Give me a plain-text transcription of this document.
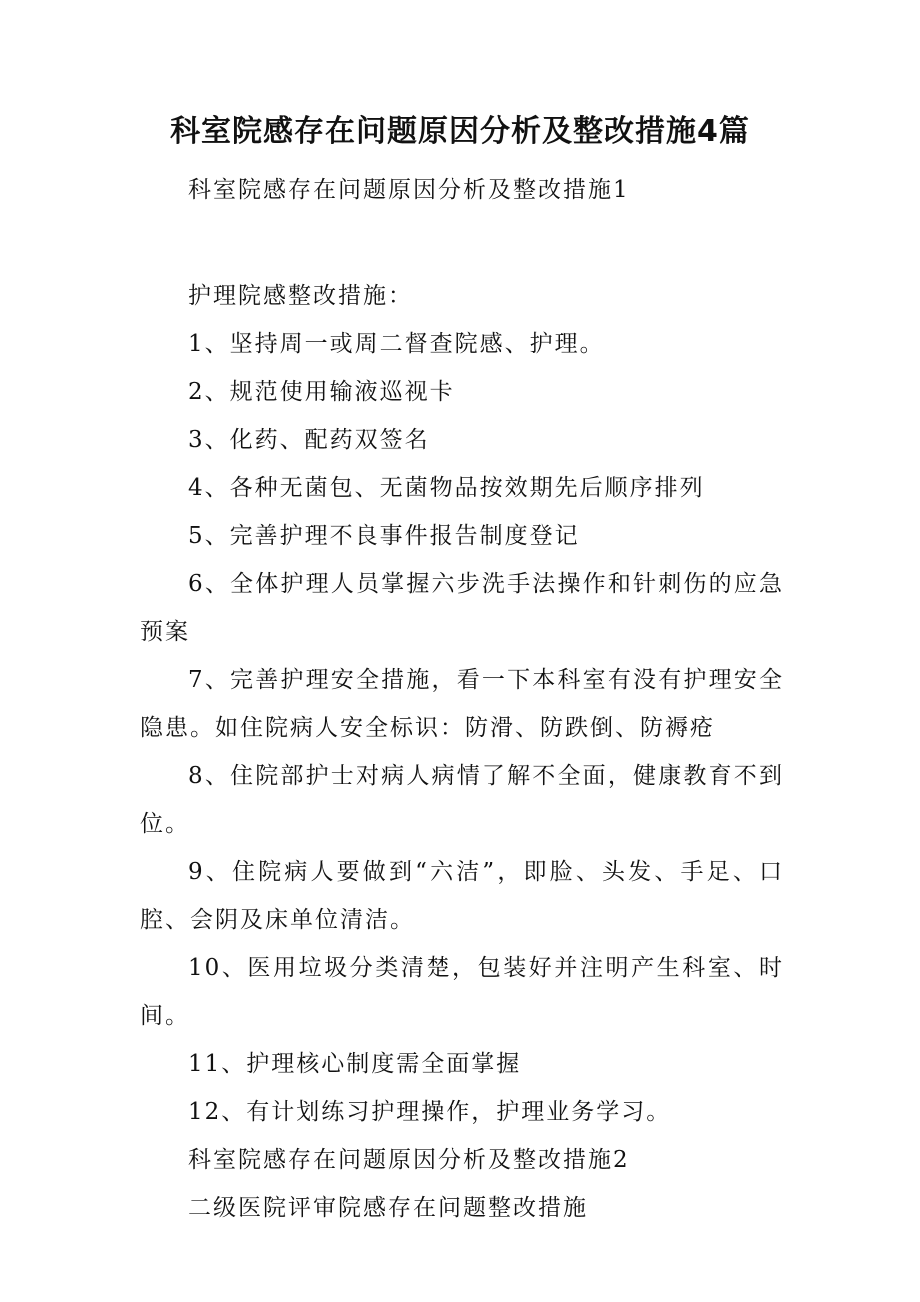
科室院感存在问题原因分析及整改措施4篇

科室院感存在问题原因分析及整改措施1

护理院感整改措施：

1、坚持周一或周二督查院感、护理。

2、规范使用输液巡视卡

3、化药、配药双签名

4、各种无菌包、无菌物品按效期先后顺序排列

5、完善护理不良事件报告制度登记

6、全体护理人员掌握六步洗手法操作和针刺伤的应急预案

7、完善护理安全措施，看一下本科室有没有护理安全隐患。如住院病人安全标识：防滑、防跌倒、防褥疮

8、住院部护士对病人病情了解不全面，健康教育不到位。

9、住院病人要做到“六洁”，即脸、头发、手足、口腔、会阴及床单位清洁。

10、医用垃圾分类清楚，包装好并注明产生科室、时间。

11、护理核心制度需全面掌握

12、有计划练习护理操作，护理业务学习。

科室院感存在问题原因分析及整改措施2

二级医院评审院感存在问题整改措施
